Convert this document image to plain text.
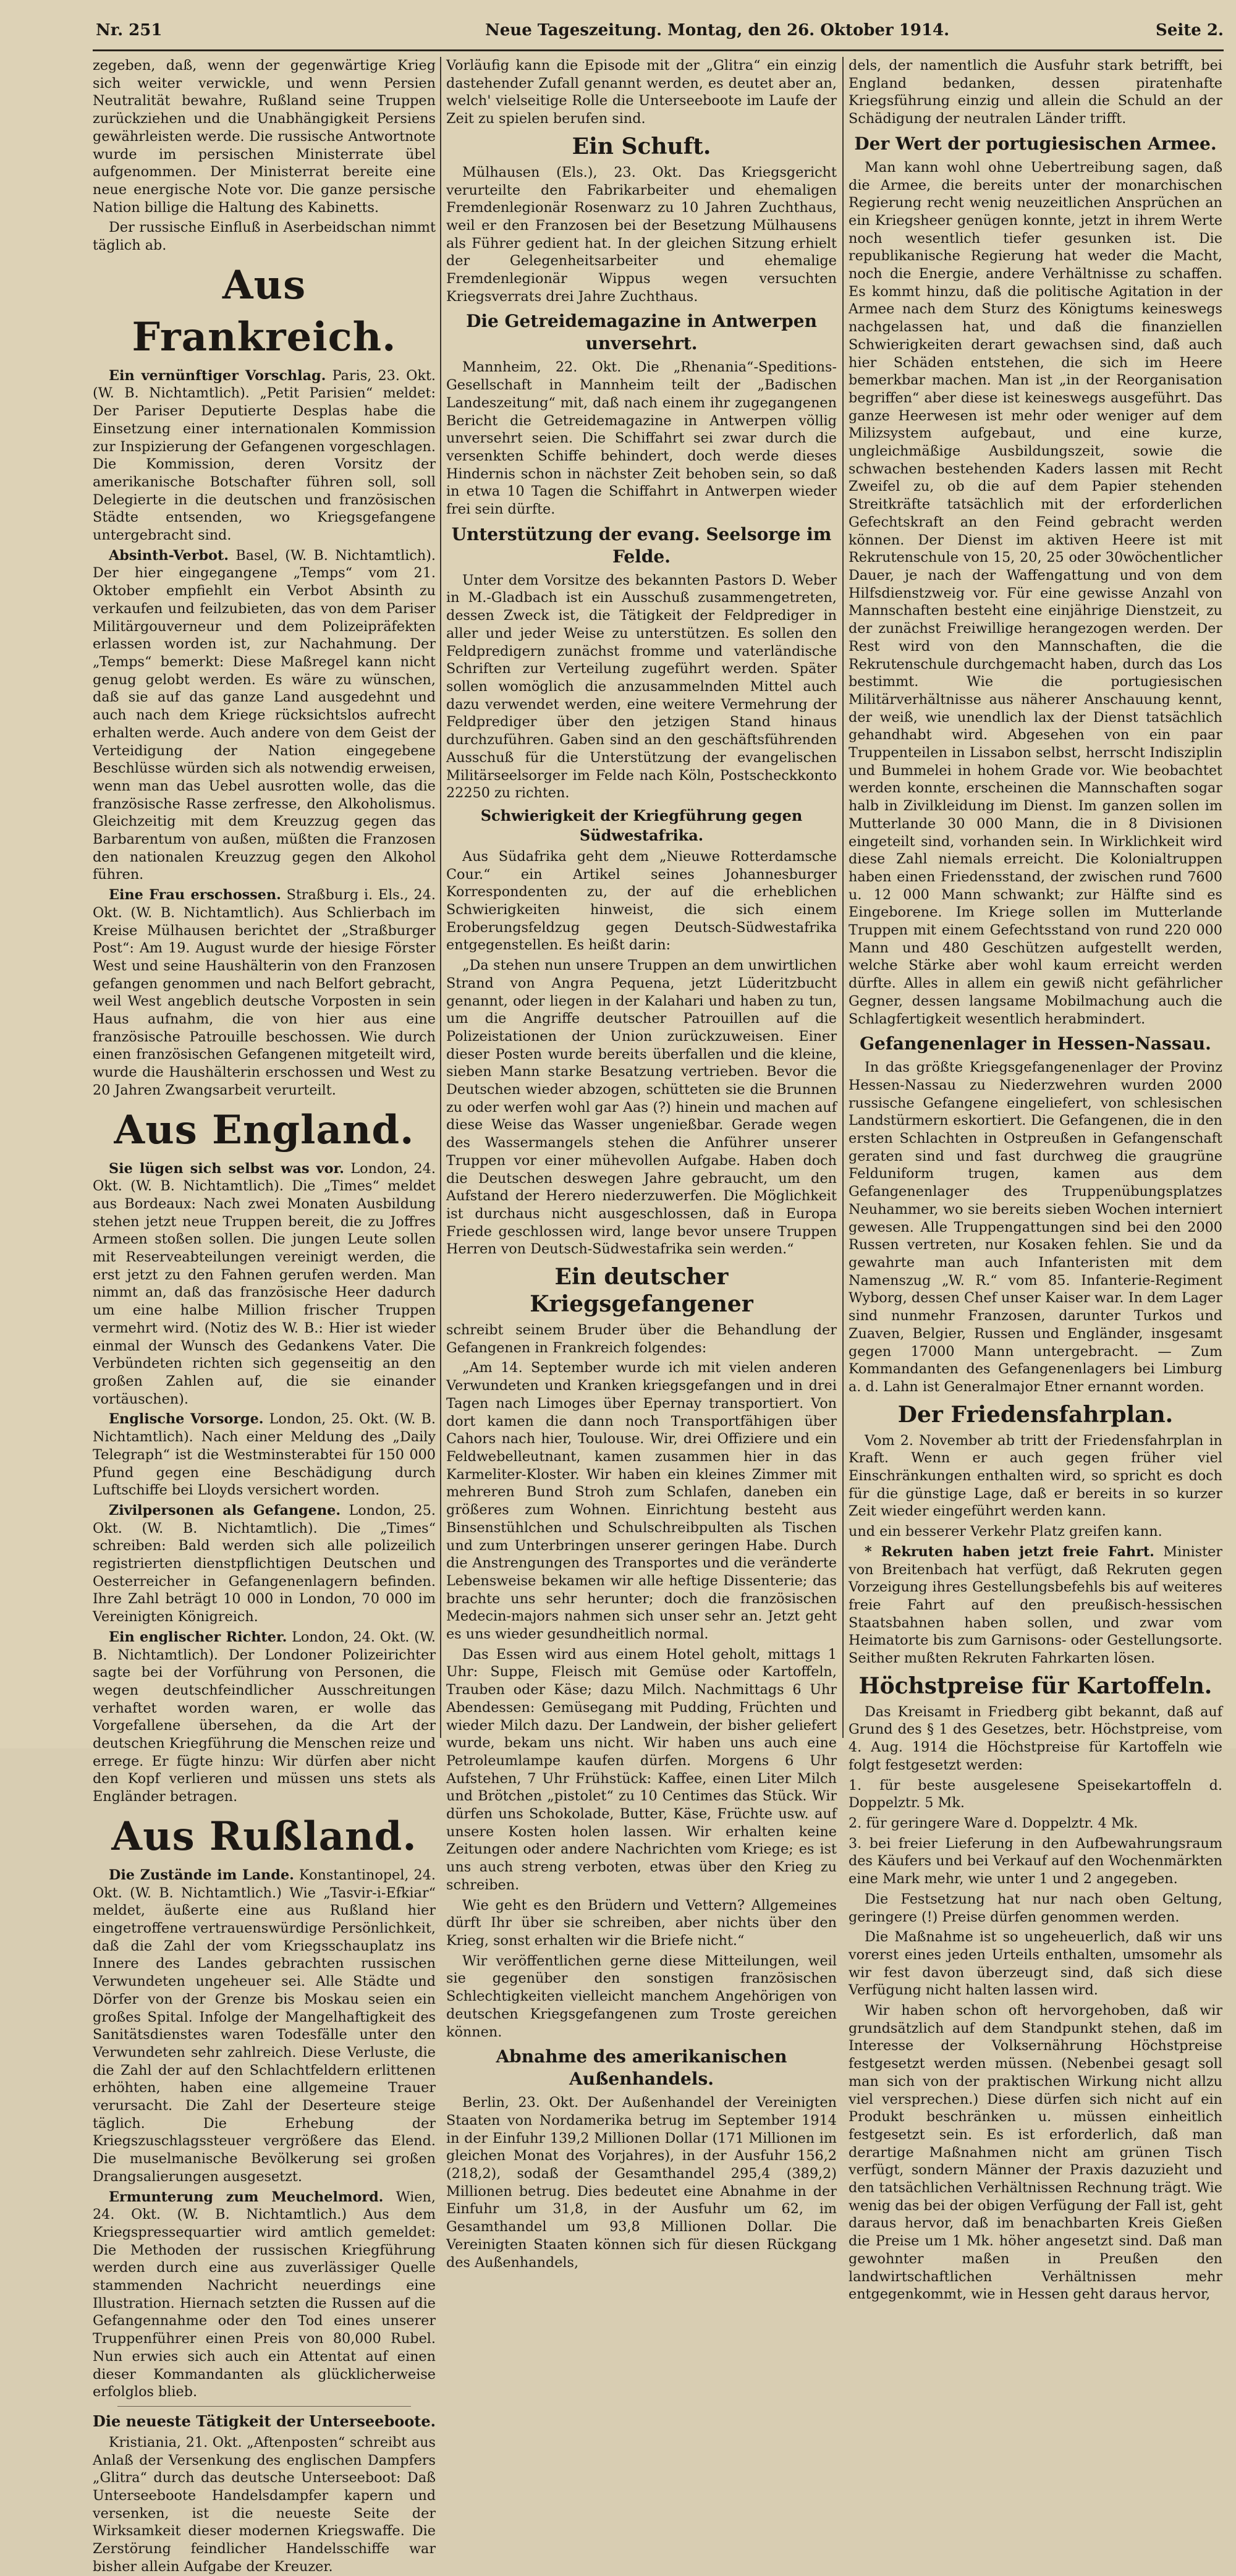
Nr. 251	Neue Tageszeitung. Montag, den 26. Oktober 1914.	Seite 2.

zegeben, daß, wenn der gegenwärtige Krieg sich weiter verwickle, und wenn Persien Neutralität bewahre, Rußland seine Truppen zurückziehen und die Unabhängigkeit Persiens gewährleisten werde. Die russische Antwortnote wurde im persischen Ministerrate übel aufgenommen. Der Ministerrat bereite eine neue energische Note vor. Die ganze persische Nation billige die Haltung des Kabinetts.

Der russische Einfluß in Aserbeidschan nimmt täglich ab.

Aus Frankreich.

Ein vernünftiger Vorschlag. Paris, 23. Okt. (W. B. Nichtamtlich). „Petit Parisien“ meldet: Der Pariser Deputierte Desplas habe die Einsetzung einer internationalen Kommission zur Inspizierung der Gefangenen vorgeschlagen. Die Kommission, deren Vorsitz der amerikanische Botschafter führen soll, soll Delegierte in die deutschen und französischen Städte entsenden, wo Kriegsgefangene untergebracht sind.

Absinth-Verbot. Basel, (W. B. Nichtamtlich). Der hier eingegangene „Temps“ vom 21. Oktober empfiehlt ein Verbot Absinth zu verkaufen und feilzubieten, das von dem Pariser Militärgouverneur und dem Polizeipräfekten erlassen worden ist, zur Nachahmung. Der „Temps“ bemerkt: Diese Maßregel kann nicht genug gelobt werden. Es wäre zu wünschen, daß sie auf das ganze Land ausgedehnt und auch nach dem Kriege rücksichtslos aufrecht erhalten werde. Auch andere von dem Geist der Verteidigung der Nation eingegebene Beschlüsse würden sich als notwendig erweisen, wenn man das Uebel ausrotten wolle, das die französische Rasse zerfresse, den Alkoholismus. Gleichzeitig mit dem Kreuzzug gegen das Barbarentum von außen, müßten die Franzosen den nationalen Kreuzzug gegen den Alkohol führen.

Eine Frau erschossen. Straßburg i. Els., 24. Okt. (W. B. Nichtamtlich). Aus Schlierbach im Kreise Mülhausen berichtet der „Straßburger Post“: Am 19. August wurde der hiesige Förster West und seine Haushälterin von den Franzosen gefangen genommen und nach Belfort gebracht, weil West angeblich deutsche Vorposten in sein Haus aufnahm, die von hier aus eine französische Patrouille beschossen. Wie durch einen französischen Gefangenen mitgeteilt wird, wurde die Haushälterin erschossen und West zu 20 Jahren Zwangsarbeit verurteilt.

Aus England.

Sie lügen sich selbst was vor. London, 24. Okt. (W. B. Nichtamtlich). Die „Times“ meldet aus Bordeaux: Nach zwei Monaten Ausbildung stehen jetzt neue Truppen bereit, die zu Joffres Armeen stoßen sollen. Die jungen Leute sollen mit Reserveabteilungen vereinigt werden, die erst jetzt zu den Fahnen gerufen werden. Man nimmt an, daß das französische Heer dadurch um eine halbe Million frischer Truppen vermehrt wird. (Notiz des W. B.: Hier ist wieder einmal der Wunsch des Gedankens Vater. Die Verbündeten richten sich gegenseitig an den großen Zahlen auf, die sie einander vortäuschen).

Englische Vorsorge. London, 25. Okt. (W. B. Nichtamtlich). Nach einer Meldung des „Daily Telegraph“ ist die Westminsterabtei für 150 000 Pfund gegen eine Beschädigung durch Luftschiffe bei Lloyds versichert worden.

Zivilpersonen als Gefangene. London, 25. Okt. (W. B. Nichtamtlich). Die „Times“ schreiben: Bald werden sich alle polizeilich registrierten dienstpflichtigen Deutschen und Oesterreicher in Gefangenenlagern befinden. Ihre Zahl beträgt 10 000 in London, 70 000 im Vereinigten Königreich.

Ein englischer Richter. London, 24. Okt. (W. B. Nichtamtlich). Der Londoner Polizeirichter sagte bei der Vorführung von Personen, die wegen deutschfeindlicher Ausschreitungen verhaftet worden waren, er wolle das Vorgefallene übersehen, da die Art der deutschen Kriegführung die Menschen reize und errege. Er fügte hinzu: Wir dürfen aber nicht den Kopf verlieren und müssen uns stets als Engländer betragen.

Aus Rußland.

Die Zustände im Lande. Konstantinopel, 24. Okt. (W. B. Nichtamtlich.) Wie „Tasvir-i-Efkiar“ meldet, äußerte eine aus Rußland hier eingetroffene vertrauenswürdige Persönlichkeit, daß die Zahl der vom Kriegsschauplatz ins Innere des Landes gebrachten russischen Verwundeten ungeheuer sei. Alle Städte und Dörfer von der Grenze bis Moskau seien ein großes Spital. Infolge der Mangelhaftigkeit des Sanitätsdienstes waren Todesfälle unter den Verwundeten sehr zahlreich. Diese Verluste, die die Zahl der auf den Schlachtfeldern erlittenen erhöhten, haben eine allgemeine Trauer verursacht. Die Zahl der Deserteure steige täglich. Die Erhebung der Kriegszuschlagssteuer vergrößere das Elend. Die muselmanische Bevölkerung sei großen Drangsalierungen ausgesetzt.

Ermunterung zum Meuchelmord. Wien, 24. Okt. (W. B. Nichtamtlich.) Aus dem Kriegspressequartier wird amtlich gemeldet: Die Methoden der russischen Kriegführung werden durch eine aus zuverlässiger Quelle stammenden Nachricht neuerdings eine Illustration. Hiernach setzten die Russen auf die Gefangennahme oder den Tod eines unserer Truppenführer einen Preis von 80,000 Rubel. Nun erwies sich auch ein Attentat auf einen dieser Kommandanten als glücklicherweise erfolglos blieb.

Die neueste Tätigkeit der Unterseeboote.

Kristiania, 21. Okt. „Aftenposten“ schreibt aus Anlaß der Versenkung des englischen Dampfers „Glitra“ durch das deutsche Unterseeboot: Daß Unterseeboote Handelsdampfer kapern und versenken, ist die neueste Seite der Wirksamkeit dieser modernen Kriegswaffe. Die Zerstörung feindlicher Handelsschiffe war bisher allein Aufgabe der Kreuzer.

Vorläufig kann die Episode mit der „Glitra“ ein einzig dastehender Zufall genannt werden, es deutet aber an, welch' vielseitige Rolle die Unterseeboote im Laufe der Zeit zu spielen berufen sind.

Ein Schuft.

Mülhausen (Els.), 23. Okt. Das Kriegsgericht verurteilte den Fabrikarbeiter und ehemaligen Fremdenlegionär Rosenwarz zu 10 Jahren Zuchthaus, weil er den Franzosen bei der Besetzung Mülhausens als Führer gedient hat. In der gleichen Sitzung erhielt der Gelegenheitsarbeiter und ehemalige Fremdenlegionär Wippus wegen versuchten Kriegsverrats drei Jahre Zuchthaus.

Die Getreidemagazine in Antwerpen unversehrt.

Mannheim, 22. Okt. Die „Rhenania“-Speditions-Gesellschaft in Mannheim teilt der „Badischen Landeszeitung“ mit, daß nach einem ihr zugegangenen Bericht die Getreidemagazine in Antwerpen völlig unversehrt seien. Die Schiffahrt sei zwar durch die versenkten Schiffe behindert, doch werde dieses Hindernis schon in nächster Zeit behoben sein, so daß in etwa 10 Tagen die Schiffahrt in Antwerpen wieder frei sein dürfte.

Unterstützung der evang. Seelsorge im Felde.

Unter dem Vorsitze des bekannten Pastors D. Weber in M.-Gladbach ist ein Ausschuß zusammengetreten, dessen Zweck ist, die Tätigkeit der Feldprediger in aller und jeder Weise zu unterstützen. Es sollen den Feldpredigern zunächst fromme und vaterländische Schriften zur Verteilung zugeführt werden. Später sollen womöglich die anzusammelnden Mittel auch dazu verwendet werden, eine weitere Vermehrung der Feldprediger über den jetzigen Stand hinaus durchzuführen. Gaben sind an den geschäftsführenden Ausschuß für die Unterstützung der evangelischen Militärseelsorger im Felde nach Köln, Postscheckkonto 22250 zu richten.

Schwierigkeit der Kriegführung gegen Südwestafrika.

Aus Südafrika geht dem „Nieuwe Rotterdamsche Cour.“ ein Artikel seines Johannesburger Korrespondenten zu, der auf die erheblichen Schwierigkeiten hinweist, die sich einem Eroberungsfeldzug gegen Deutsch-Südwestafrika entgegenstellen. Es heißt darin:

„Da stehen nun unsere Truppen an dem unwirtlichen Strand von Angra Pequena, jetzt Lüderitzbucht genannt, oder liegen in der Kalahari und haben zu tun, um die Angriffe deutscher Patrouillen auf die Polizeistationen der Union zurückzuweisen. Einer dieser Posten wurde bereits überfallen und die kleine, sieben Mann starke Besatzung vertrieben. Bevor die Deutschen wieder abzogen, schütteten sie die Brunnen zu oder werfen wohl gar Aas (?) hinein und machen auf diese Weise das Wasser ungenießbar. Gerade wegen des Wassermangels stehen die Anführer unserer Truppen vor einer mühevollen Aufgabe. Haben doch die Deutschen deswegen Jahre gebraucht, um den Aufstand der Herero niederzuwerfen. Die Möglichkeit ist durchaus nicht ausgeschlossen, daß in Europa Friede geschlossen wird, lange bevor unsere Truppen Herren von Deutsch-Südwestafrika sein werden.“

Ein deutscher Kriegsgefangener

schreibt seinem Bruder über die Behandlung der Gefangenen in Frankreich folgendes:

„Am 14. September wurde ich mit vielen anderen Verwundeten und Kranken kriegsgefangen und in drei Tagen nach Limoges über Epernay transportiert. Von dort kamen die dann noch Transportfähigen über Cahors nach hier, Toulouse. Wir, drei Offiziere und ein Feldwebelleutnant, kamen zusammen hier in das Karmeliter-Kloster. Wir haben ein kleines Zimmer mit mehreren Bund Stroh zum Schlafen, daneben ein größeres zum Wohnen. Einrichtung besteht aus Binsenstühlchen und Schulschreibpulten als Tischen und zum Unterbringen unserer geringen Habe. Durch die Anstrengungen des Transportes und die veränderte Lebensweise bekamen wir alle heftige Dissenterie; das brachte uns sehr herunter; doch die französischen Medecin-majors nahmen sich unser sehr an. Jetzt geht es uns wieder gesundheitlich normal.

Das Essen wird aus einem Hotel geholt, mittags 1 Uhr: Suppe, Fleisch mit Gemüse oder Kartoffeln, Trauben oder Käse; dazu Milch. Nachmittags 6 Uhr Abendessen: Gemüsegang mit Pudding, Früchten und wieder Milch dazu. Der Landwein, der bisher geliefert wurde, bekam uns nicht. Wir haben uns auch eine Petroleumlampe kaufen dürfen. Morgens 6 Uhr Aufstehen, 7 Uhr Frühstück: Kaffee, einen Liter Milch und Brötchen „pistolet“ zu 10 Centimes das Stück. Wir dürfen uns Schokolade, Butter, Käse, Früchte usw. auf unsere Kosten holen lassen. Wir erhalten keine Zeitungen oder andere Nachrichten vom Kriege; es ist uns auch streng verboten, etwas über den Krieg zu schreiben.

Wie geht es den Brüdern und Vettern? Allgemeines dürft Ihr über sie schreiben, aber nichts über den Krieg, sonst erhalten wir die Briefe nicht.“

Wir veröffentlichen gerne diese Mitteilungen, weil sie gegenüber den sonstigen französischen Schlechtigkeiten vielleicht manchem Angehörigen von deutschen Kriegsgefangenen zum Troste gereichen können.

Abnahme des amerikanischen Außenhandels.

Berlin, 23. Okt. Der Außenhandel der Vereinigten Staaten von Nordamerika betrug im September 1914 in der Einfuhr 139,2 Millionen Dollar (171 Millionen im gleichen Monat des Vorjahres), in der Ausfuhr 156,2 (218,2), sodaß der Gesamthandel 295,4 (389,2) Millionen betrug. Dies bedeutet eine Abnahme in der Einfuhr um 31,8, in der Ausfuhr um 62, im Gesamthandel um 93,8 Millionen Dollar. Die Vereinigten Staaten können sich für diesen Rückgang des Außenhandels,

dels, der namentlich die Ausfuhr stark betrifft, bei England bedanken, dessen piratenhafte Kriegsführung einzig und allein die Schuld an der Schädigung der neutralen Länder trifft.

Der Wert der portugiesischen Armee.

Man kann wohl ohne Uebertreibung sagen, daß die Armee, die bereits unter der monarchischen Regierung recht wenig neuzeitlichen Ansprüchen an ein Kriegsheer genügen konnte, jetzt in ihrem Werte noch wesentlich tiefer gesunken ist. Die republikanische Regierung hat weder die Macht, noch die Energie, andere Verhältnisse zu schaffen. Es kommt hinzu, daß die politische Agitation in der Armee nach dem Sturz des Königtums keineswegs nachgelassen hat, und daß die finanziellen Schwierigkeiten derart gewachsen sind, daß auch hier Schäden entstehen, die sich im Heere bemerkbar machen. Man ist „in der Reorganisation begriffen“ aber diese ist keineswegs ausgeführt. Das ganze Heerwesen ist mehr oder weniger auf dem Milizsystem aufgebaut, und eine kurze, ungleichmäßige Ausbildungszeit, sowie die schwachen bestehenden Kaders lassen mit Recht Zweifel zu, ob die auf dem Papier stehenden Streitkräfte tatsächlich mit der erforderlichen Gefechtskraft an den Feind gebracht werden können. Der Dienst im aktiven Heere ist mit Rekrutenschule von 15, 20, 25 oder 30wöchentlicher Dauer, je nach der Waffengattung und von dem Hilfsdienstzweig vor. Für eine gewisse Anzahl von Mannschaften besteht eine einjährige Dienstzeit, zu der zunächst Freiwillige herangezogen werden. Der Rest wird von den Mannschaften, die die Rekrutenschule durchgemacht haben, durch das Los bestimmt. Wie die portugiesischen Militärverhältnisse aus näherer Anschauung kennt, der weiß, wie unendlich lax der Dienst tatsächlich gehandhabt wird. Abgesehen von ein paar Truppenteilen in Lissabon selbst, herrscht Indisziplin und Bummelei in hohem Grade vor. Wie beobachtet werden konnte, erscheinen die Mannschaften sogar halb in Zivilkleidung im Dienst. Im ganzen sollen im Mutterlande 30 000 Mann, die in 8 Divisionen eingeteilt sind, vorhanden sein. In Wirklichkeit wird diese Zahl niemals erreicht. Die Kolonialtruppen haben einen Friedensstand, der zwischen rund 7600 u. 12 000 Mann schwankt; zur Hälfte sind es Eingeborene. Im Kriege sollen im Mutterlande Truppen mit einem Gefechtsstand von rund 220 000 Mann und 480 Geschützen aufgestellt werden, welche Stärke aber wohl kaum erreicht werden dürfte. Alles in allem ein gewiß nicht gefährlicher Gegner, dessen langsame Mobilmachung auch die Schlagfertigkeit wesentlich herabmindert.

Gefangenenlager in Hessen-Nassau.

In das größte Kriegsgefangenenlager der Provinz Hessen-Nassau zu Niederzwehren wurden 2000 russische Gefangene eingeliefert, von schlesischen Landstürmern eskortiert. Die Gefangenen, die in den ersten Schlachten in Ostpreußen in Gefangenschaft geraten sind und fast durchweg die graugrüne Felduniform trugen, kamen aus dem Gefangenenlager des Truppenübungsplatzes Neuhammer, wo sie bereits sieben Wochen interniert gewesen. Alle Truppengattungen sind bei den 2000 Russen vertreten, nur Kosaken fehlen. Sie und da gewahrte man auch Infanteristen mit dem Namenszug „W. R.“ vom 85. Infanterie-Regiment Wyborg, dessen Chef unser Kaiser war. In dem Lager sind nunmehr Franzosen, darunter Turkos und Zuaven, Belgier, Russen und Engländer, insgesamt gegen 17000 Mann untergebracht. — Zum Kommandanten des Gefangenenlagers bei Limburg a. d. Lahn ist Generalmajor Etner ernannt worden.

Der Friedensfahrplan.

Vom 2. November ab tritt der Friedensfahrplan in Kraft. Wenn er auch gegen früher viel Einschränkungen enthalten wird, so spricht es doch für die günstige Lage, daß er bereits in so kurzer Zeit wieder eingeführt werden kann.

und ein besserer Verkehr Platz greifen kann.

* Rekruten haben jetzt freie Fahrt. Minister von Breitenbach hat verfügt, daß Rekruten gegen Vorzeigung ihres Gestellungsbefehls bis auf weiteres freie Fahrt auf den preußisch-hessischen Staatsbahnen haben sollen, und zwar vom Heimatorte bis zum Garnisons- oder Gestellungsorte. Seither mußten Rekruten Fahrkarten lösen.

Höchstpreise für Kartoffeln.

Das Kreisamt in Friedberg gibt bekannt, daß auf Grund des § 1 des Gesetzes, betr. Höchstpreise, vom 4. Aug. 1914 die Höchstpreise für Kartoffeln wie folgt festgesetzt werden:

1. für beste ausgelesene Speisekartoffeln d. Doppelztr. 5 Mk.

2. für geringere Ware d. Doppelztr. 4 Mk.

3. bei freier Lieferung in den Aufbewahrungsraum des Käufers und bei Verkauf auf den Wochenmärkten eine Mark mehr, wie unter 1 und 2 angegeben.

Die Festsetzung hat nur nach oben Geltung, geringere (!) Preise dürfen genommen werden.

Die Maßnahme ist so ungeheuerlich, daß wir uns vorerst eines jeden Urteils enthalten, umsomehr als wir fest davon überzeugt sind, daß sich diese Verfügung nicht halten lassen wird.

Wir haben schon oft hervorgehoben, daß wir grundsätzlich auf dem Standpunkt stehen, daß im Interesse der Volksernährung Höchstpreise festgesetzt werden müssen. (Nebenbei gesagt soll man sich von der praktischen Wirkung nicht allzu viel versprechen.) Diese dürfen sich nicht auf ein Produkt beschränken u. müssen einheitlich festgesetzt sein. Es ist erforderlich, daß man derartige Maßnahmen nicht am grünen Tisch verfügt, sondern Männer der Praxis dazuzieht und den tatsächlichen Verhältnissen Rechnung trägt. Wie wenig das bei der obigen Verfügung der Fall ist, geht daraus hervor, daß im benachbarten Kreis Gießen die Preise um 1 Mk. höher angesetzt sind. Daß man gewohnter maßen in Preußen den landwirtschaftlichen Verhältnissen mehr entgegenkommt, wie in Hessen geht daraus hervor,
